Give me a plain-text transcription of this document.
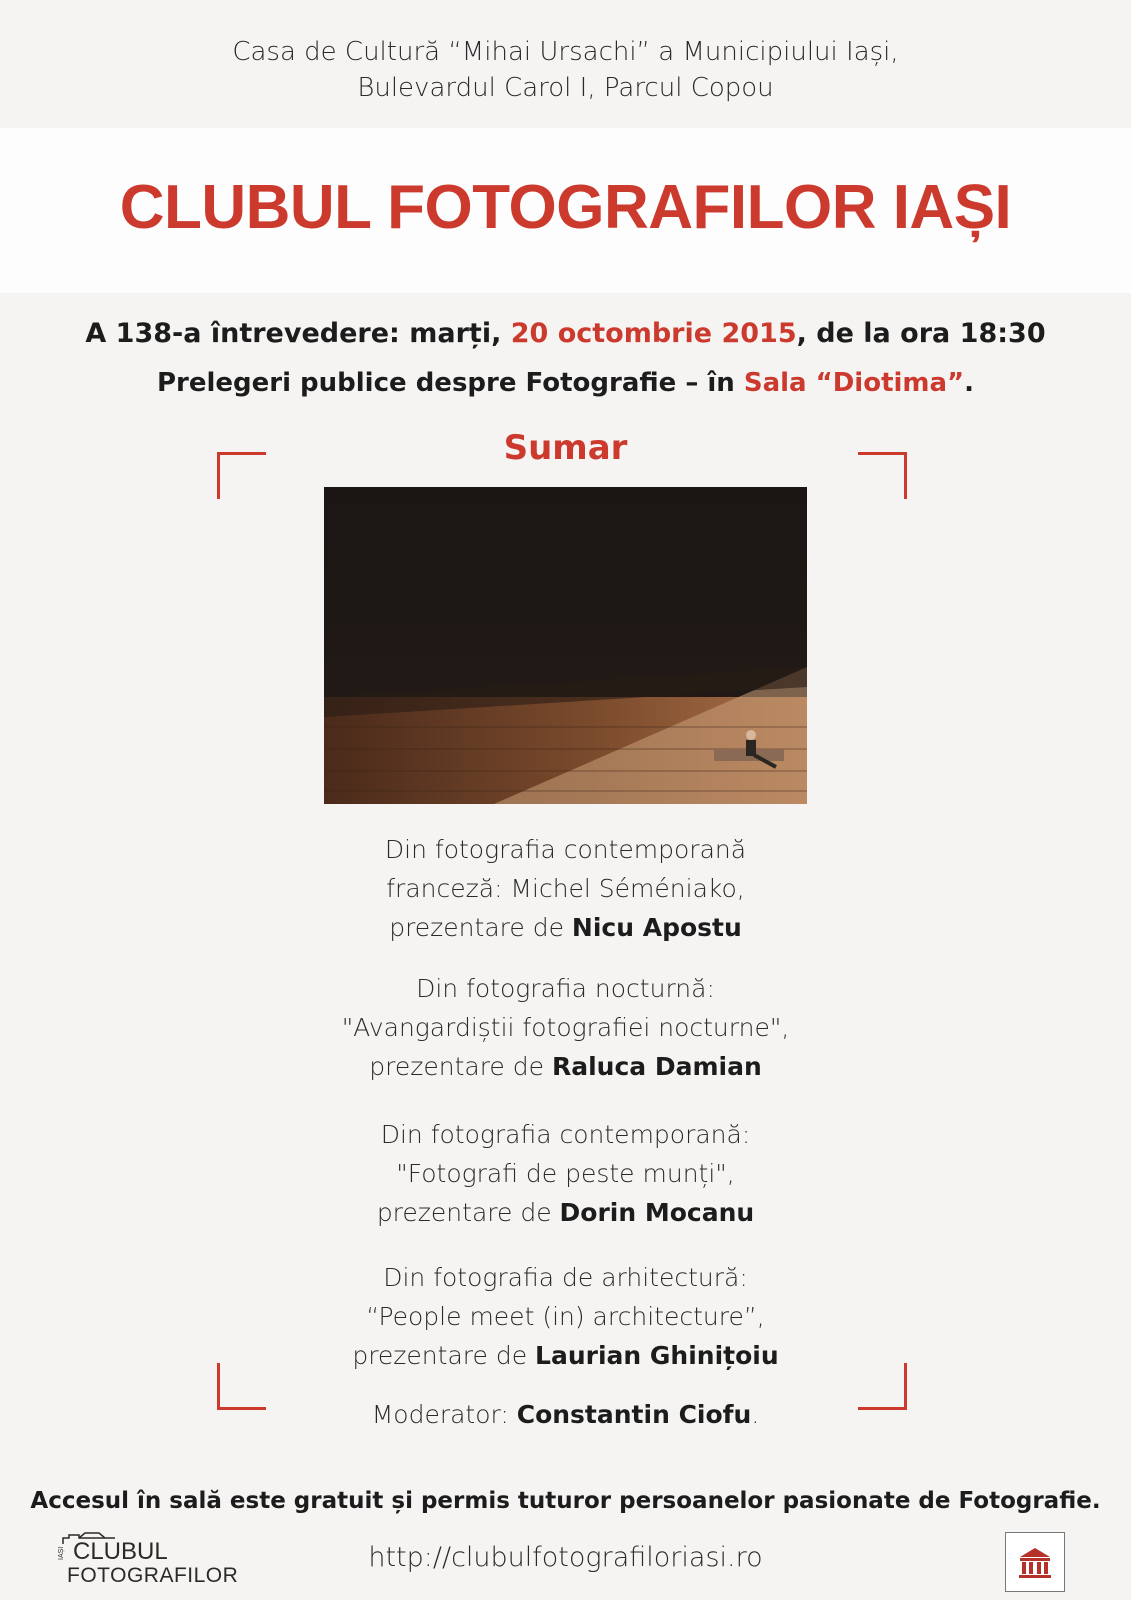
Casa de Cultură “Mihai Ursachi” a Municipiului Iași,
Bulevardul Carol I, Parcul Copou
CLUBUL FOTOGRAFILOR IAȘI
A 138-a întrevedere: marți, 20 octombrie 2015, de la ora 18:30
Prelegeri publice despre Fotografie – în Sala “Diotima”.
Sumar
Din fotografia contemporană
franceză: Michel Séméniako,
prezentare de Nicu Apostu
Din fotografia nocturnă:
"Avangardiștii fotografiei nocturne",
prezentare de Raluca Damian
Din fotografia contemporană:
"Fotografi de peste munți",
prezentare de Dorin Mocanu
Din fotografia de arhitectură:
“People meet (in) architecture”,
prezentare de Laurian Ghinițoiu
Moderator: Constantin Ciofu.
Accesul în sală este gratuit și permis tuturor persoanelor pasionate de Fotografie.
IAȘI CLUBUL
FOTOGRAFILOR
http://clubulfotografiloriasi.ro
